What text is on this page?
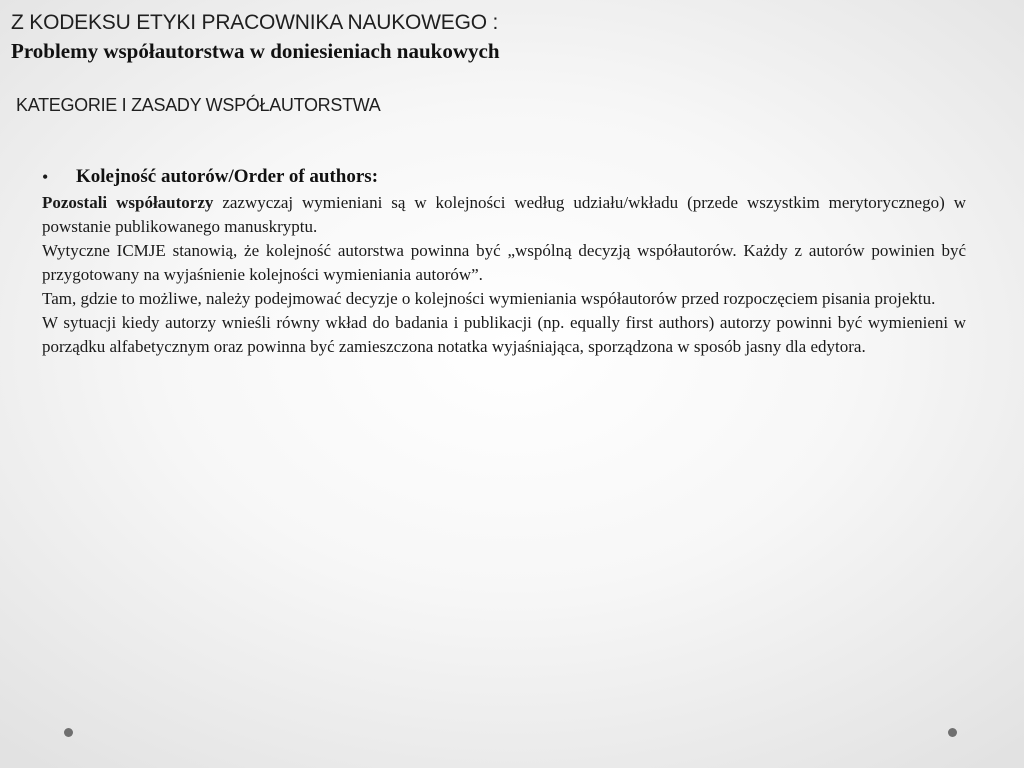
Z KODEKSU ETYKI PRACOWNIKA NAUKOWEGO :

Problemy współautorstwa w doniesieniach naukowych

KATEGORIE I ZASADY WSPÓŁAUTORSTWA

• Kolejność autorów/Order of authors:

Pozostali współautorzy zazwyczaj wymieniani są w kolejności według udziału/wkładu (przede wszystkim merytorycznego) w powstanie publikowanego manuskryptu.

Wytyczne ICMJE stanowią, że kolejność autorstwa powinna być „wspólną decyzją współautorów. Każdy z autorów powinien być przygotowany na wyjaśnienie kolejności wymieniania autorów”.

Tam, gdzie to możliwe, należy podejmować decyzje o kolejności wymieniania współautorów przed rozpoczęciem pisania projektu.

W sytuacji kiedy autorzy wnieśli równy wkład do badania i publikacji (np. equally first authors) autorzy powinni być wymienieni w porządku alfabetycznym oraz powinna być zamieszczona notatka wyjaśniająca, sporządzona w sposób jasny dla edytora.
